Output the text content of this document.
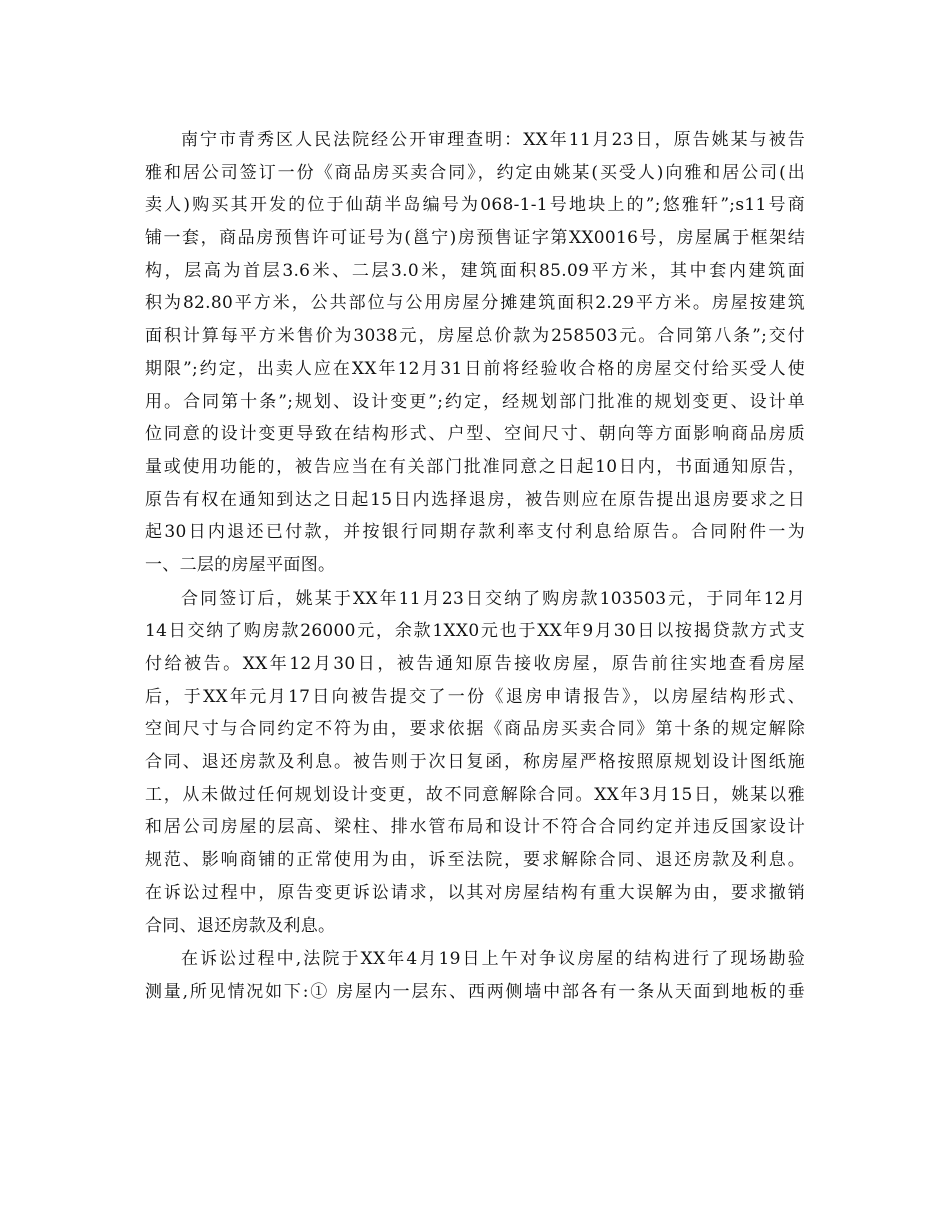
南宁市青秀区人民法院经公开审理查明：XX年11月23日，原告姚某与被告
雅和居公司签订一份《商品房买卖合同》，约定由姚某(买受人)向雅和居公司(出
卖人)购买其开发的位于仙葫半岛编号为068-1-1号地块上的”;悠雅轩”;s11号商
铺一套，商品房预售许可证号为(邕宁)房预售证字第XX0016号，房屋属于框架结
构，层高为首层3.6米、二层3.0米，建筑面积85.09平方米，其中套内建筑面
积为82.80平方米，公共部位与公用房屋分摊建筑面积2.29平方米。房屋按建筑
面积计算每平方米售价为3038元，房屋总价款为258503元。合同第八条”;交付
期限”;约定，出卖人应在XX年12月31日前将经验收合格的房屋交付给买受人使
用。合同第十条”;规划、设计变更”;约定，经规划部门批准的规划变更、设计单
位同意的设计变更导致在结构形式、户型、空间尺寸、朝向等方面影响商品房质
量或使用功能的，被告应当在有关部门批准同意之日起10日内，书面通知原告，
原告有权在通知到达之日起15日内选择退房，被告则应在原告提出退房要求之日
起30日内退还已付款，并按银行同期存款利率支付利息给原告。合同附件一为
一、二层的房屋平面图。
合同签订后，姚某于XX年11月23日交纳了购房款103503元，于同年12月
14日交纳了购房款26000元，余款1XX0元也于XX年9月30日以按揭贷款方式支
付给被告。XX年12月30日，被告通知原告接收房屋，原告前往实地查看房屋
后，于XX年元月17日向被告提交了一份《退房申请报告》，以房屋结构形式、
空间尺寸与合同约定不符为由，要求依据《商品房买卖合同》第十条的规定解除
合同、退还房款及利息。被告则于次日复函，称房屋严格按照原规划设计图纸施
工，从未做过任何规划设计变更，故不同意解除合同。XX年3月15日，姚某以雅
和居公司房屋的层高、梁柱、排水管布局和设计不符合合同约定并违反国家设计
规范、影响商铺的正常使用为由，诉至法院，要求解除合同、退还房款及利息。
在诉讼过程中，原告变更诉讼请求，以其对房屋结构有重大误解为由，要求撤销
合同、退还房款及利息。
在诉讼过程中,法院于XX年4月19日上午对争议房屋的结构进行了现场勘验
测量,所见情况如下:① 房屋内一层东、西两侧墙中部各有一条从天面到地板的垂
